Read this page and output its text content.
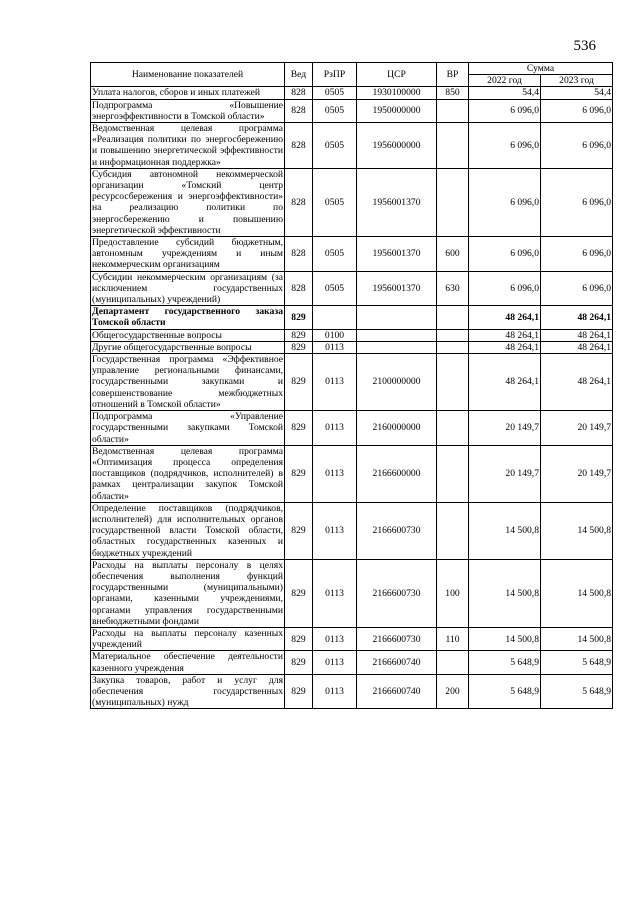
536
Наименование показателей	Вед	РзПР	ЦСР	ВР	Сумма	
					2022 год	2023 год
Уплата налогов, сборов и иных платежей	828	0505	1930100000	850	54,4	54,4
Подпрограмма «Повышение энергоэффективности в Томской области»	828	0505	1950000000		6 096,0	6 096,0
Ведомственная целевая программа «Реализация политики по энергосбережению и повышению энергетической эффективности и информационная поддержка»	828	0505	1956000000		6 096,0	6 096,0
Субсидия автономной некоммерческой организации «Томский центр ресурсосбережения и энергоэффективности» на реализацию политики по энергосбережению и повышению энергетической эффективности	828	0505	1956001370		6 096,0	6 096,0
Предоставление субсидий бюджетным, автономным учреждениям и иным некоммерческим организациям	828	0505	1956001370	600	6 096,0	6 096,0
Субсидии некоммерческим организациям (за исключением государственных (муниципальных) учреждений)	828	0505	1956001370	630	6 096,0	6 096,0
Департамент государственного заказа Томской области	829				48 264,1	48 264,1
Общегосударственные вопросы	829	0100			48 264,1	48 264,1
Другие общегосударственные вопросы	829	0113			48 264,1	48 264,1
Государственная программа «Эффективное управление региональными финансами, государственными закупками и совершенствование межбюджетных отношений в Томской области»	829	0113	2100000000		48 264,1	48 264,1
Подпрограмма «Управление государственными закупками Томской области»	829	0113	2160000000		20 149,7	20 149,7
Ведомственная целевая программа «Оптимизация процесса определения поставщиков (подрядчиков, исполнителей) в рамках централизации закупок Томской области»	829	0113	2166600000		20 149,7	20 149,7
Определение поставщиков (подрядчиков, исполнителей) для исполнительных органов государственной власти Томской области, областных государственных казенных и бюджетных учреждений	829	0113	2166600730		14 500,8	14 500,8
Расходы на выплаты персоналу в целях обеспечения выполнения функций государственными (муниципальными) органами, казенными учреждениями, органами управления государственными внебюджетными фондами	829	0113	2166600730	100	14 500,8	14 500,8
Расходы на выплаты персоналу казенных учреждений	829	0113	2166600730	110	14 500,8	14 500,8
Материальное обеспечение деятельности казенного учреждения	829	0113	2166600740		5 648,9	5 648,9
Закупка товаров, работ и услуг для обеспечения государственных (муниципальных) нужд	829	0113	2166600740	200	5 648,9	5 648,9
